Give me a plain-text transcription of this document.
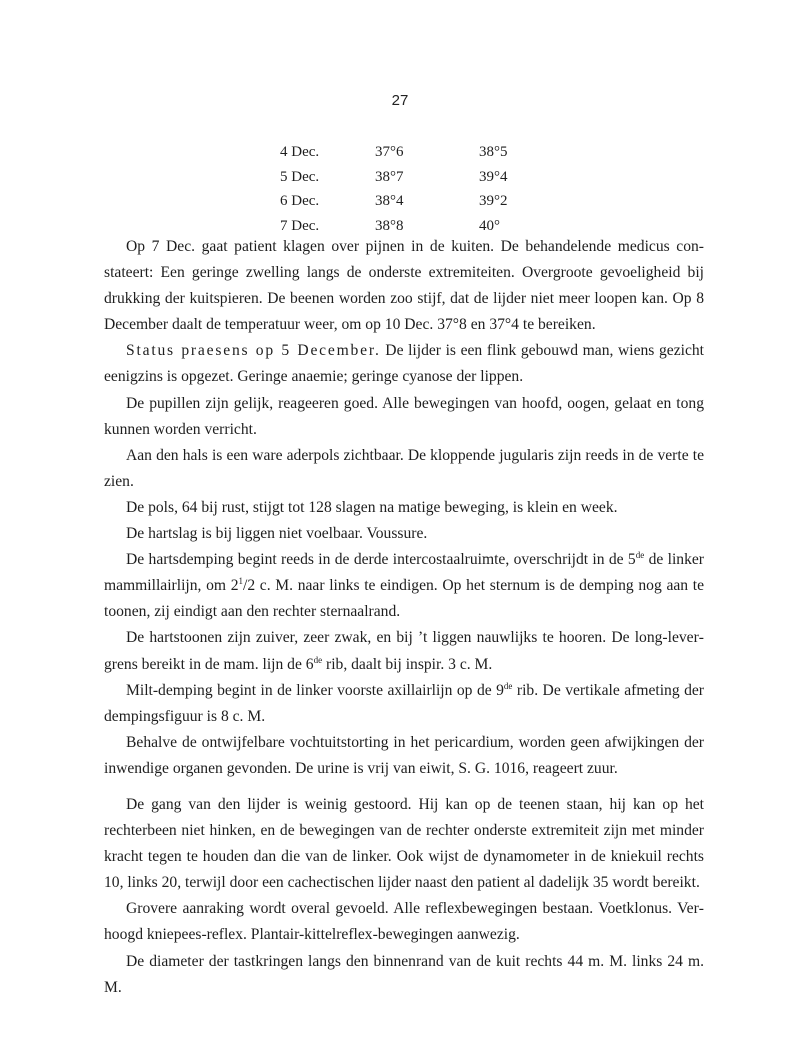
27
4 Dec.	37°6	38°5
5 Dec.	38°7	39°4
6 Dec.	38°4	39°2
7 Dec.	38°8	40°

Op 7 Dec. gaat patient klagen over pijnen in de kuiten. De behandelende medicus constateert: Een geringe zwelling langs de onderste extremiteiten. Overgroote gevoeligheid bij drukking der kuitspieren. De beenen worden zoo stijf, dat de lijder niet meer loopen kan. Op 8 December daalt de temperatuur weer, om op 10 Dec. 37°8 en 37°4 te bereiken.

Status praesens op 5 December. De lijder is een flink gebouwd man, wiens gezicht eenigzins is opgezet. Geringe anaemie; geringe cyanose der lippen.

De pupillen zijn gelijk, reageeren goed. Alle bewegingen van hoofd, oogen, gelaat en tong kunnen worden verricht.

Aan den hals is een ware aderpols zichtbaar. De kloppende jugularis zijn reeds in de verte te zien.

De pols, 64 bij rust, stijgt tot 128 slagen na matige beweging, is klein en week.

De hartslag is bij liggen niet voelbaar. Voussure.

De hartsdemping begint reeds in de derde intercostaalruimte, overschrijdt in de 5de de linker mammillairlijn, om $2^1/2$ c. M. naar links te eindigen. Op het sternum is de demping nog aan te toonen, zij eindigt aan den rechter sternaalrand.

De hartstoonen zijn zuiver, zeer zwak, en bij ’t liggen nauwlijks te hooren. De long-levergrens bereikt in de mam. lijn de 6de rib, daalt bij inspir. 3 c. M.

Milt-demping begint in de linker voorste axillairlijn op de 9de rib. De vertikale afmeting der dempingsfiguur is 8 c. M.

Behalve de ontwijfelbare vochtuitstorting in het pericardium, worden geen afwijkingen der inwendige organen gevonden. De urine is vrij van eiwit, S. G. 1016, reageert zuur.

De gang van den lijder is weinig gestoord. Hij kan op de teenen staan, hij kan op het rechterbeen niet hinken, en de bewegingen van de rechter onderste extremiteit zijn met minder kracht tegen te houden dan die van de linker. Ook wijst de dynamometer in de kniekuil rechts 10, links 20, terwijl door een cachectischen lijder naast den patient al dadelijk 35 wordt bereikt.

Grovere aanraking wordt overal gevoeld. Alle reflexbewegingen bestaan. Voetklonus. Verhoogd kniepees-reflex. Plantair-kittelreflex-bewegingen aanwezig.

De diameter der tastkringen langs den binnenrand van de kuit rechts 44 m. M. links 24 m. M.
